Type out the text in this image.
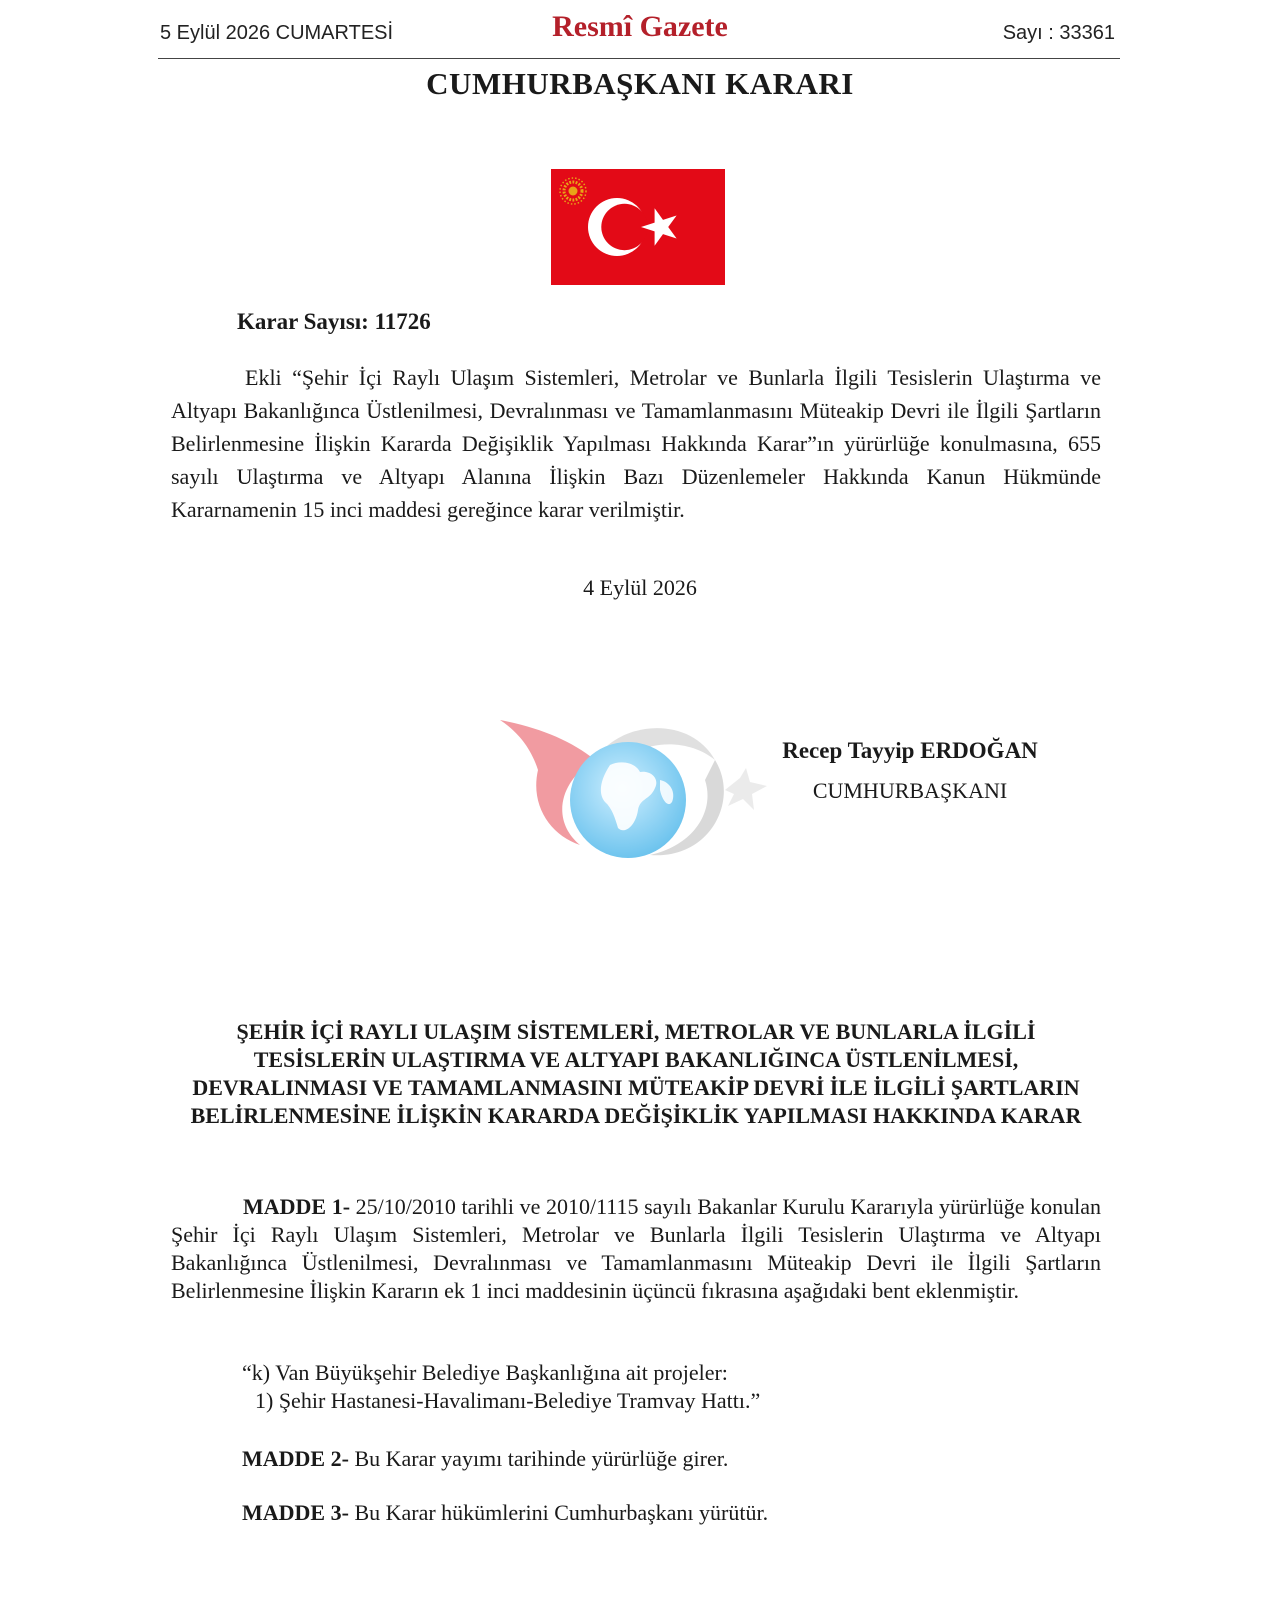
5 Eylül 2026 CUMARTESİ	Resmî Gazete	Sayı : 33361
CUMHURBAŞKANI KARARI
Karar Sayısı: 11726
Ekli “Şehir İçi Raylı Ulaşım Sistemleri, Metrolar ve Bunlarla İlgili Tesislerin Ulaştırma ve Altyapı Bakanlığınca Üstlenilmesi, Devralınması ve Tamamlanmasını Müteakip Devri ile İlgili Şartların Belirlenmesine İlişkin Kararda Değişiklik Yapılması Hakkında Karar”ın yürürlüğe konulmasına, 655 sayılı Ulaştırma ve Altyapı Alanına İlişkin Bazı Düzenlemeler Hakkında Kanun Hükmünde Kararnamenin 15 inci maddesi gereğince karar verilmiştir.
4 Eylül 2026
Recep Tayyip ERDOĞAN
CUMHURBAŞKANI
ŞEHİR İÇİ RAYLI ULAŞIM SİSTEMLERİ, METROLAR VE BUNLARLA İLGİLİ TESİSLERİN ULAŞTIRMA VE ALTYAPI BAKANLIĞINCA ÜSTLENİLMESİ, DEVRALINMASI VE TAMAMLANMASINI MÜTEAKİP DEVRİ İLE İLGİLİ ŞARTLARIN BELİRLENMESİNE İLİŞKİN KARARDA DEĞİŞİKLİK YAPILMASI HAKKINDA KARAR
MADDE 1- 25/10/2010 tarihli ve 2010/1115 sayılı Bakanlar Kurulu Kararıyla yürürlüğe konulan Şehir İçi Raylı Ulaşım Sistemleri, Metrolar ve Bunlarla İlgili Tesislerin Ulaştırma ve Altyapı Bakanlığınca Üstlenilmesi, Devralınması ve Tamamlanmasını Müteakip Devri ile İlgili Şartların Belirlenmesine İlişkin Kararın ek 1 inci maddesinin üçüncü fıkrasına aşağıdaki bent eklenmiştir.
“k) Van Büyükşehir Belediye Başkanlığına ait projeler:
1) Şehir Hastanesi-Havalimanı-Belediye Tramvay Hattı.”
MADDE 2- Bu Karar yayımı tarihinde yürürlüğe girer.
MADDE 3- Bu Karar hükümlerini Cumhurbaşkanı yürütür.
